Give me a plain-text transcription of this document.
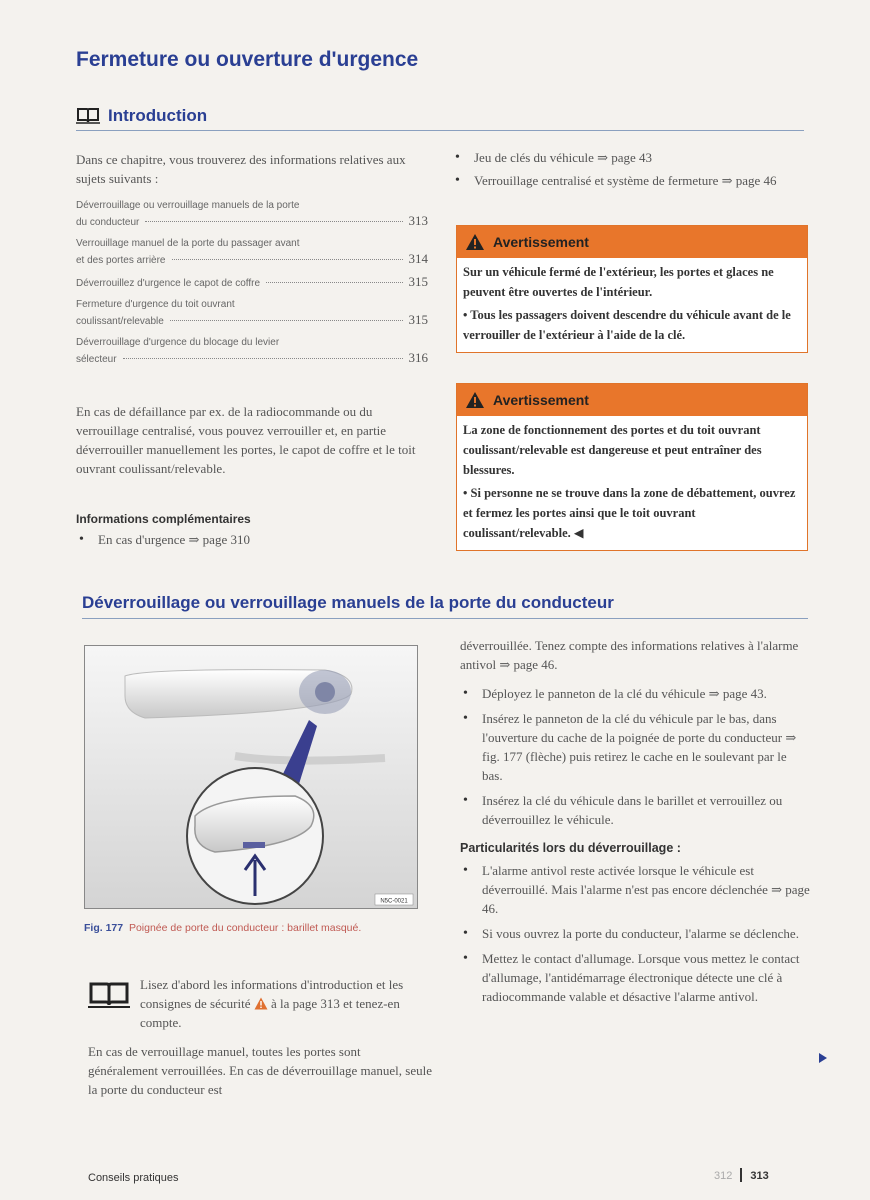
Fermeture ou ouverture d'urgence
Introduction

Dans ce chapitre, vous trouverez des informations relatives aux sujets suivants :

Déverrouillage ou verrouillage manuels de la porte
du conducteur	313
Verrouillage manuel de la porte du passager avant
et des portes arrière	314
Déverrouillez d'urgence le capot de coffre	315
Fermeture d'urgence du toit ouvrant
coulissant/relevable	315
Déverrouillage d'urgence du blocage du levier
sélecteur	316

En cas de défaillance par ex. de la radiocommande ou du verrouillage centralisé, vous pouvez verrouiller et, en partie déverrouiller manuellement les portes, le capot de coffre et le toit ouvrant coulissant/relevable.

Informations complémentaires

• En cas d'urgence ⇒ page 310

• Jeu de clés du véhicule ⇒ page 43

• Verrouillage centralisé et système de fermeture ⇒ page 46

Avertissement

Sur un véhicule fermé de l'extérieur, les portes et glaces ne peuvent être ouvertes de l'intérieur.

• Tous les passagers doivent descendre du véhicule avant de le verrouiller de l'extérieur à l'aide de la clé.

Avertissement

La zone de fonctionnement des portes et du toit ouvrant coulissant/relevable est dangereuse et peut entraîner des blessures.

• Si personne ne se trouve dans la zone de débattement, ouvrez et fermez les portes ainsi que le toit ouvrant coulissant/relevable. ◀

Déverrouillage ou verrouillage manuels de la porte du conducteur
N5C-0021
Fig. 177 Poignée de porte du conducteur : barillet masqué.

Lisez d'abord les informations d'introduction et les consignes de sécurité à la page 313 et tenez-en compte.

En cas de verrouillage manuel, toutes les portes sont généralement verrouillées. En cas de déverrouillage manuel, seule la porte du conducteur est

déverrouillée. Tenez compte des informations relatives à l'alarme antivol ⇒ page 46.

• Déployez le panneton de la clé du véhicule ⇒ page 43.

• Insérez le panneton de la clé du véhicule par le bas, dans l'ouverture du cache de la poignée de porte du conducteur ⇒ fig. 177 (flèche) puis retirez le cache en le soulevant par le bas.

• Insérez la clé du véhicule dans le barillet et verrouillez ou déverrouillez le véhicule.

Particularités lors du déverrouillage :

• L'alarme antivol reste activée lorsque le véhicule est déverrouillé. Mais l'alarme n'est pas encore déclenchée ⇒ page 46.

• Si vous ouvrez la porte du conducteur, l'alarme se déclenche.

• Mettez le contact d'allumage. Lorsque vous mettez le contact d'allumage, l'antidémarrage électronique détecte une clé à radiocommande valable et désactive l'alarme antivol.

Conseils pratiques	312 313
